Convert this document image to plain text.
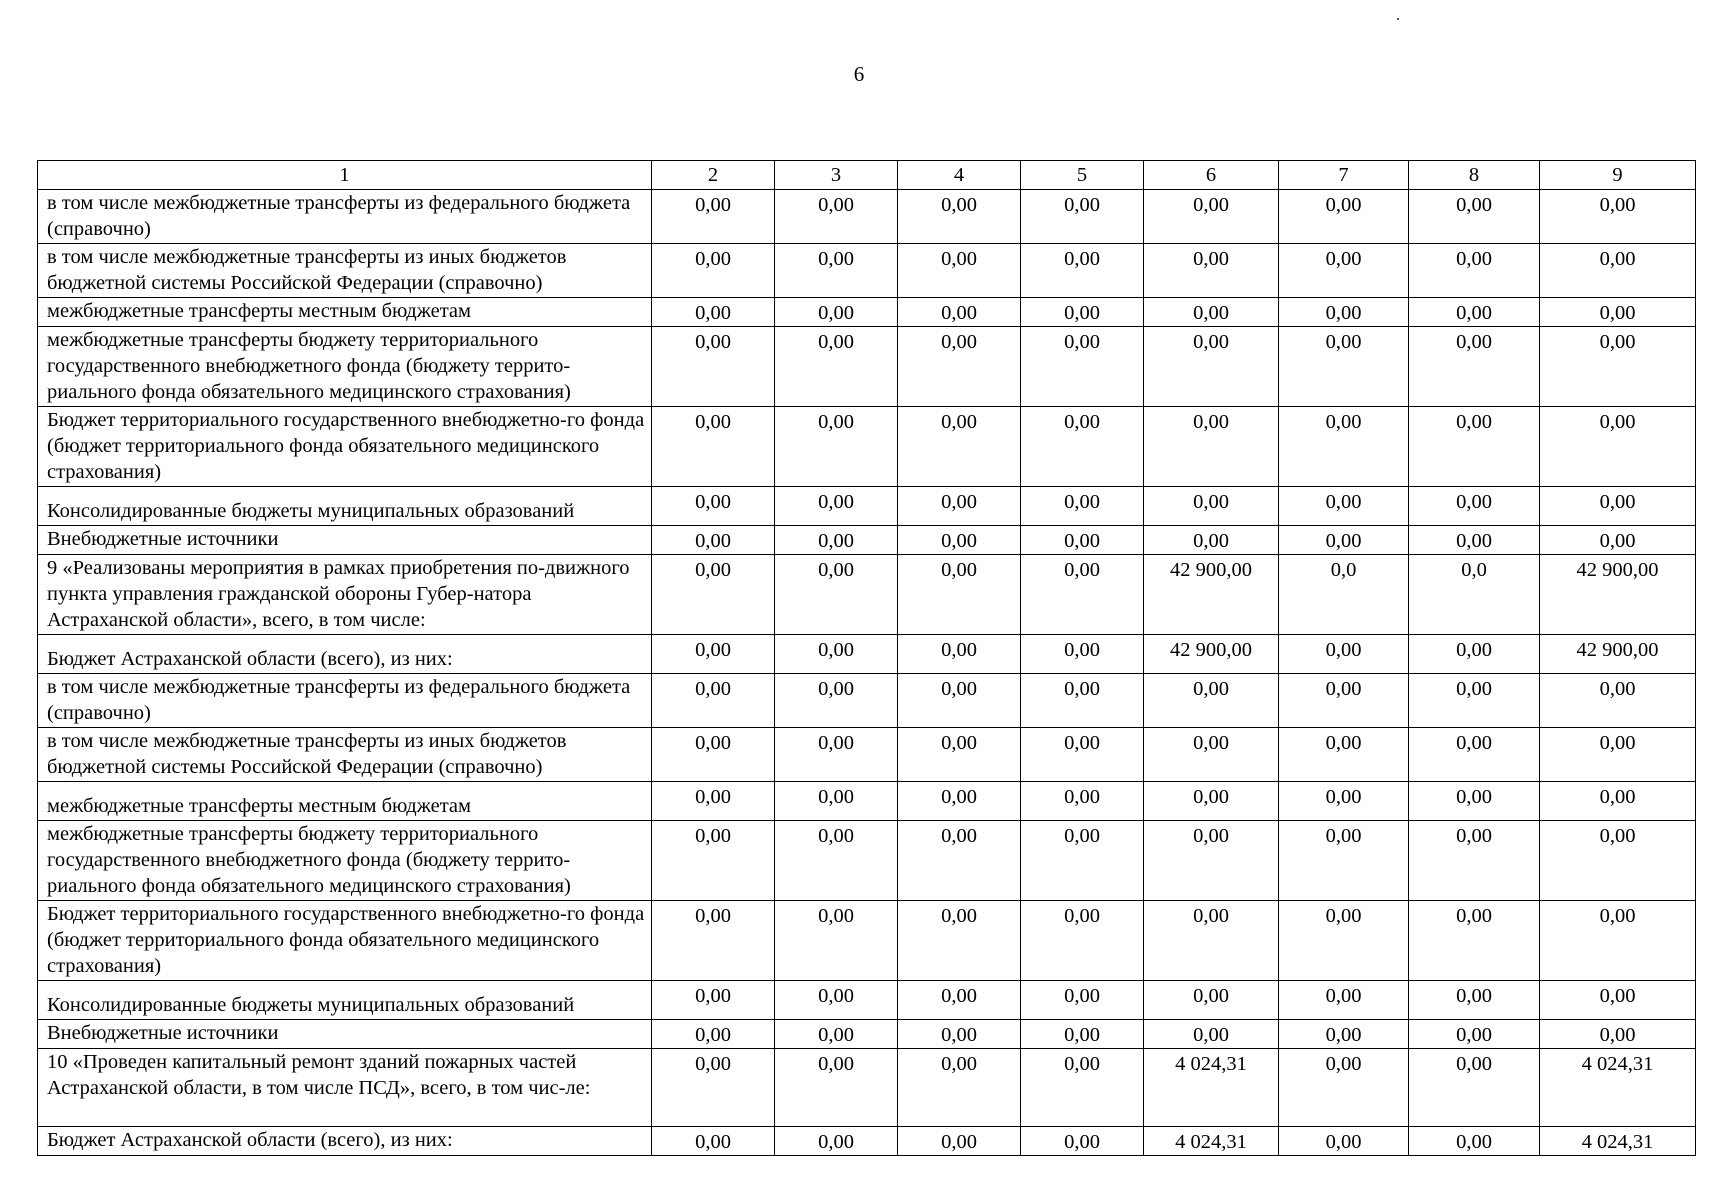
6
1	2	3	4	5	6	7	8	9
в том числе межбюджетные трансферты из федерального бюджета (справочно)	0,00	0,00	0,00	0,00	0,00	0,00	0,00	0,00
в том числе межбюджетные трансферты из иных бюджетов бюджетной системы Российской Федерации (справочно)	0,00	0,00	0,00	0,00	0,00	0,00	0,00	0,00
межбюджетные трансферты местным бюджетам	0,00	0,00	0,00	0,00	0,00	0,00	0,00	0,00
межбюджетные трансферты бюджету территориального государственного внебюджетного фонда (бюджету террито-риального фонда обязательного медицинского страхования)	0,00	0,00	0,00	0,00	0,00	0,00	0,00	0,00
Бюджет территориального государственного внебюджетно-го фонда (бюджет территориального фонда обязательного медицинского страхования)	0,00	0,00	0,00	0,00	0,00	0,00	0,00	0,00
Консолидированные бюджеты муниципальных образований	0,00	0,00	0,00	0,00	0,00	0,00	0,00	0,00
Внебюджетные источники	0,00	0,00	0,00	0,00	0,00	0,00	0,00	0,00
9 «Реализованы мероприятия в рамках приобретения по-движного пункта управления гражданской обороны Губер-натора Астраханской области», всего, в том числе:	0,00	0,00	0,00	0,00	42 900,00	0,0	0,0	42 900,00
Бюджет Астраханской области (всего), из них:	0,00	0,00	0,00	0,00	42 900,00	0,00	0,00	42 900,00
в том числе межбюджетные трансферты из федерального бюджета (справочно)	0,00	0,00	0,00	0,00	0,00	0,00	0,00	0,00
в том числе межбюджетные трансферты из иных бюджетов бюджетной системы Российской Федерации (справочно)	0,00	0,00	0,00	0,00	0,00	0,00	0,00	0,00
межбюджетные трансферты местным бюджетам	0,00	0,00	0,00	0,00	0,00	0,00	0,00	0,00
межбюджетные трансферты бюджету территориального государственного внебюджетного фонда (бюджету террито-риального фонда обязательного медицинского страхования)	0,00	0,00	0,00	0,00	0,00	0,00	0,00	0,00
Бюджет территориального государственного внебюджетно-го фонда (бюджет территориального фонда обязательного медицинского страхования)	0,00	0,00	0,00	0,00	0,00	0,00	0,00	0,00
Консолидированные бюджеты муниципальных образований	0,00	0,00	0,00	0,00	0,00	0,00	0,00	0,00
Внебюджетные источники	0,00	0,00	0,00	0,00	0,00	0,00	0,00	0,00
10 «Проведен капитальный ремонт зданий пожарных частей Астраханской области, в том числе ПСД», всего, в том чис-ле:	0,00	0,00	0,00	0,00	4 024,31	0,00	0,00	4 024,31
Бюджет Астраханской области (всего), из них:	0,00	0,00	0,00	0,00	4 024,31	0,00	0,00	4 024,31
